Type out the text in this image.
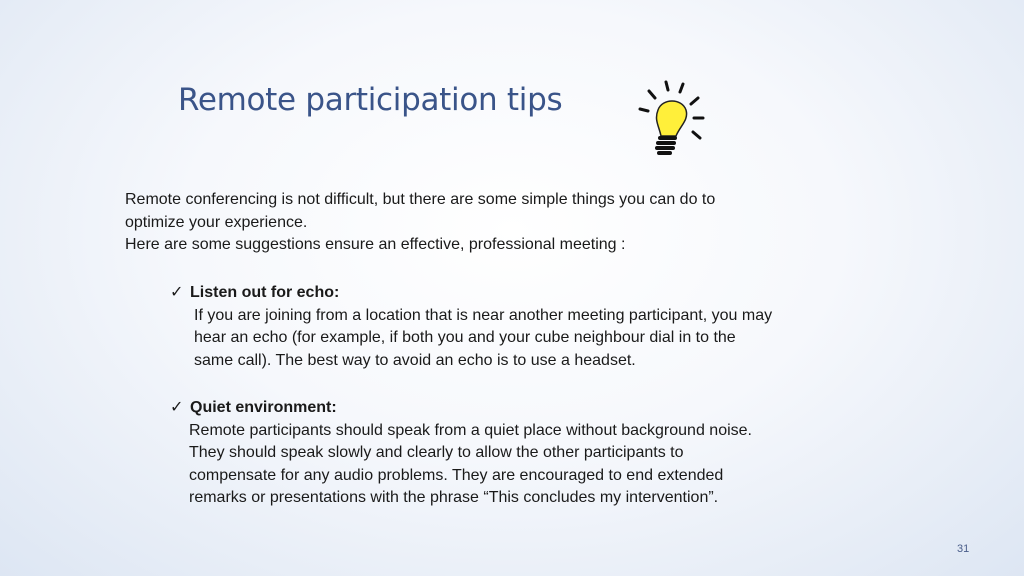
Remote participation tips

Remote conferencing is not difficult, but there are some simple things you can do to

optimize your experience.

Here are some suggestions ensure an effective, professional meeting :

✓ Listen out for echo:
If you are joining from a location that is near another meeting participant, you may
hear an echo (for example, if both you and your cube neighbour dial in to the
same call). The best way to avoid an echo is to use a headset.
✓ Quiet environment:
Remote participants should speak from a quiet place without background noise.
They should speak slowly and clearly to allow the other participants to
compensate for any audio problems. They are encouraged to end extended
remarks or presentations with the phrase “This concludes my intervention”.
31
